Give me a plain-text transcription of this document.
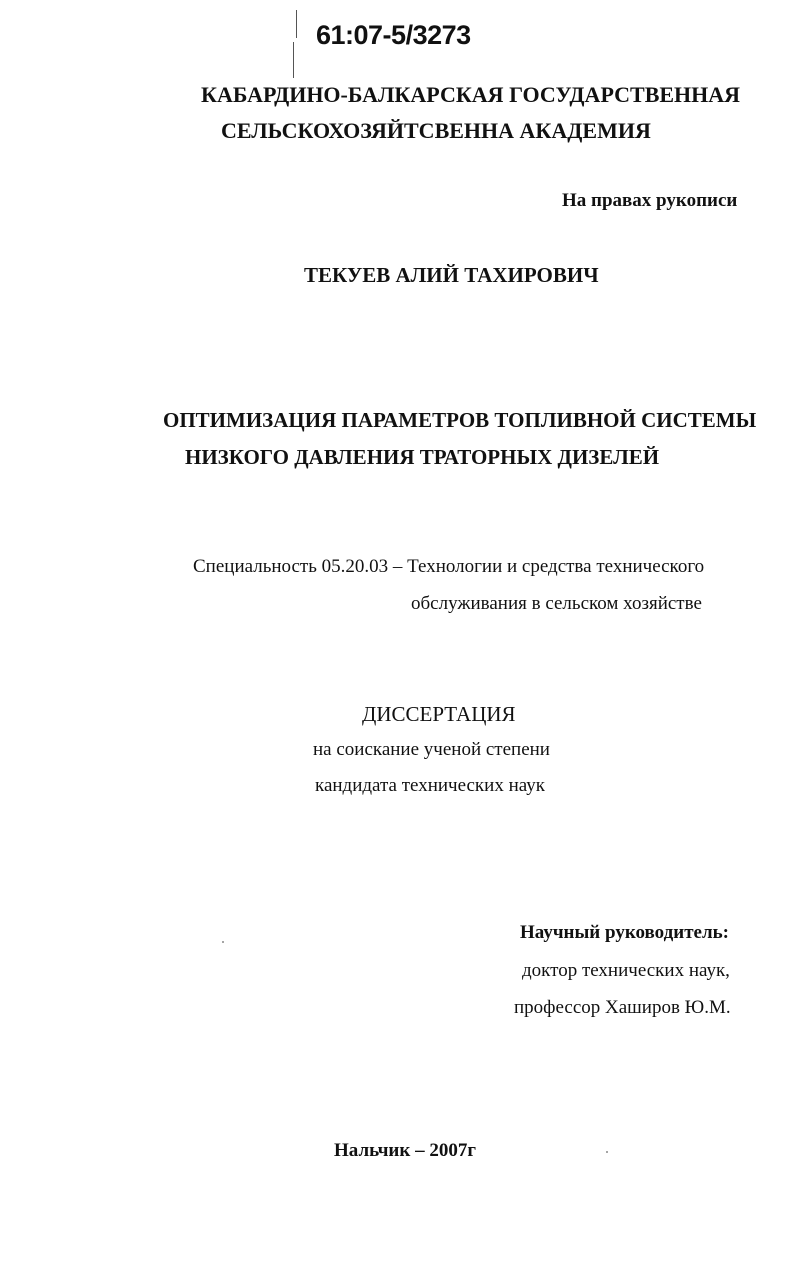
61:07-5/3273
КАБАРДИНО-БАЛКАРСКАЯ ГОСУДАРСТВЕННАЯ
СЕЛЬСКОХОЗЯЙТСВЕННА АКАДЕМИЯ
На правах рукописи
ТЕКУЕВ АЛИЙ ТАХИРОВИЧ
ОПТИМИЗАЦИЯ ПАРАМЕТРОВ ТОПЛИВНОЙ СИСТЕМЫ
НИЗКОГО ДАВЛЕНИЯ ТРАТОРНЫХ ДИЗЕЛЕЙ
Специальность 05.20.03 – Технологии и средства технического
обслуживания в сельском хозяйстве
ДИССЕРТАЦИЯ
на соискание ученой степени
кандидата технических наук
Научный руководитель:
доктор технических наук,
профессор Хаширов Ю.М.
Нальчик – 2007г
